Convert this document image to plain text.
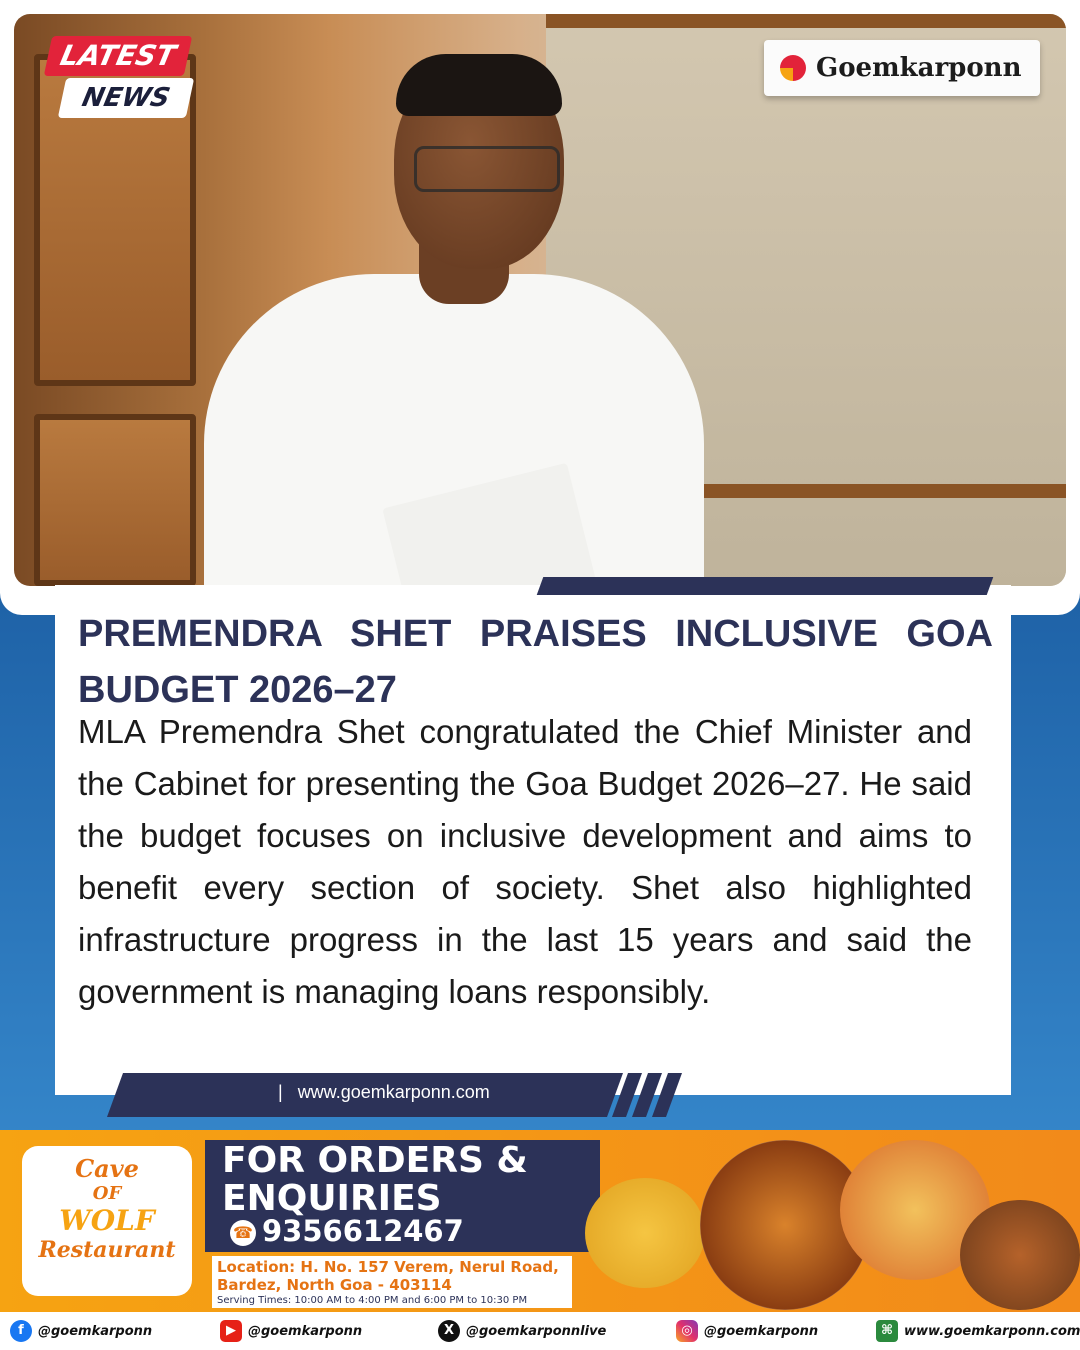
LATEST
NEWS
Goemkarponn
PREMENDRA SHET PRAISES INCLUSIVE GOA BUDGET 2026–27
MLA Premendra Shet congratulated the Chief Minister and the Cabinet for presenting the Goa Budget 2026–27. He said the budget focuses on inclusive development and aims to benefit every section of society. Shet also highlighted infrastructure progress in the last 15 years and said the government is managing loans responsibly.
|   www.goemkarponn.com
Cave
OF
WOLF
Restaurant
FOR ORDERS & ENQUIRIES
☎ 9356612467
Location: H. No. 157 Verem, Nerul Road, Bardez, North Goa - 403114
Serving Times: 10:00 AM to 4:00 PM and 6:00 PM to 10:30 PM
f	@goemkarponn	▶ @goemkarponn	X @goemkarponnlive	◎ @goemkarponn	⌘ www.goemkarponn.com
